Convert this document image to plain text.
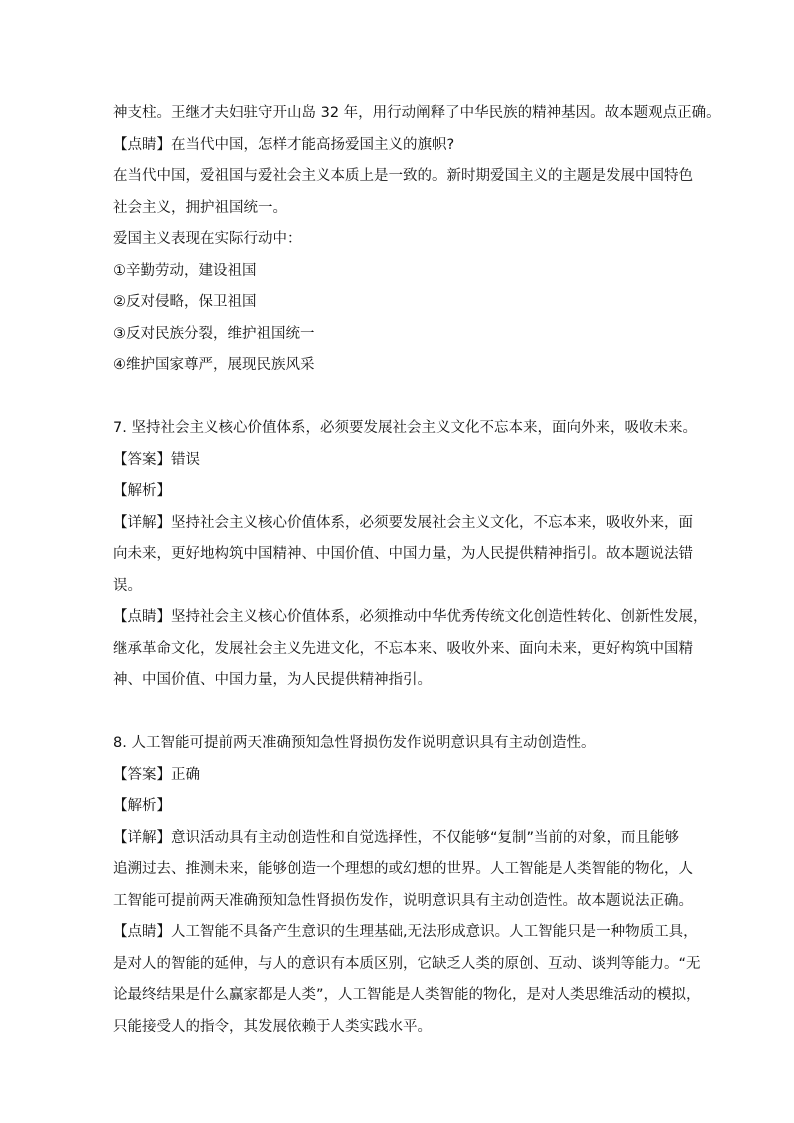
神支柱。王继才夫妇驻守开山岛 32 年，用行动阐释了中华民族的精神基因。故本题观点正确。
【点睛】在当代中国，怎样才能高扬爱国主义的旗帜?
在当代中国，爱祖国与爱社会主义本质上是一致的。新时期爱国主义的主题是发展中国特色
社会主义，拥护祖国统一。
爱国主义表现在实际行动中：
①辛勤劳动，建设祖国
②反对侵略，保卫祖国
③反对民族分裂，维护祖国统一
④维护国家尊严，展现民族风采
7. 坚持社会主义核心价值体系，必须要发展社会主义文化不忘本来，面向外来，吸收未来。
【答案】错误
【解析】
【详解】坚持社会主义核心价值体系，必须要发展社会主义文化，不忘本来，吸收外来，面
向未来，更好地构筑中国精神、中国价值、中国力量，为人民提供精神指引。故本题说法错
误。
【点睛】坚持社会主义核心价值体系，必须推动中华优秀传统文化创造性转化、创新性发展，
继承革命文化，发展社会主义先进文化，不忘本来、吸收外来、面向未来，更好构筑中国精
神、中国价值、中国力量，为人民提供精神指引。
8. 人工智能可提前两天准确预知急性肾损伤发作说明意识具有主动创造性。
【答案】正确
【解析】
【详解】意识活动具有主动创造性和自觉选择性，不仅能够“复制”当前的对象，而且能够
追溯过去、推测未来，能够创造一个理想的或幻想的世界。人工智能是人类智能的物化，人
工智能可提前两天准确预知急性肾损伤发作，说明意识具有主动创造性。故本题说法正确。
【点睛】人工智能不具备产生意识的生理基础,无法形成意识。人工智能只是一种物质工具，
是对人的智能的延伸，与人的意识有本质区别，它缺乏人类的原创、互动、谈判等能力。“无
论最终结果是什么赢家都是人类”，人工智能是人类智能的物化，是对人类思维活动的模拟，
只能接受人的指令，其发展依赖于人类实践水平。
